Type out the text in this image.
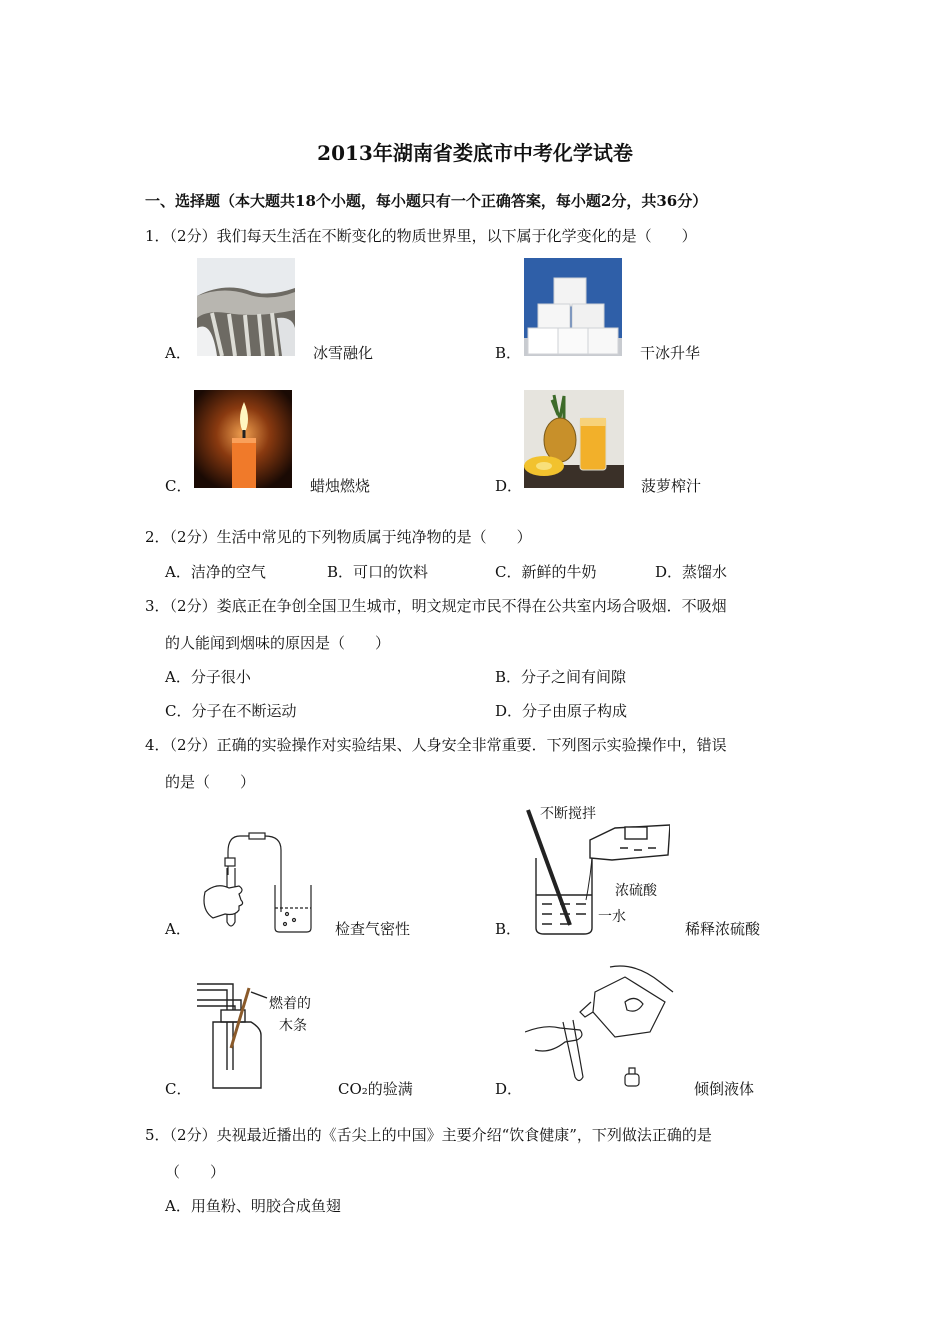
2013年湖南省娄底市中考化学试卷
一、选择题（本大题共18个小题，每小题只有一个正确答案，每小题2分，共36分）
1．（2分）我们每天生活在不断变化的物质世界里，以下属于化学变化的是（　　）
A．	冰雪融化	B．	干冰升华
C．	蜡烛燃烧	D．	菠萝榨汁
2．（2分）生活中常见的下列物质属于纯净物的是（　　）
A．洁净的空气	B．可口的饮料	C．新鲜的牛奶	D．蒸馏水
3．（2分）娄底正在争创全国卫生城市，明文规定市民不得在公共室内场合吸烟．不吸烟
的人能闻到烟味的原因是（　　）
A．分子很小	B．分子之间有间隙
C．分子在不断运动	D．分子由原子构成
4．（2分）正确的实验操作对实验结果、人身安全非常重要．下列图示实验操作中，错误
的是（　　）
A．	检查气密性
不断搅拌
浓硫酸
一水
B．	稀释浓硫酸
燃着的
木条
C．	CO₂的验满	D．	倾倒液体
5．（2分）央视最近播出的《舌尖上的中国》主要介绍“饮食健康”，下列做法正确的是
（　　）
A．用鱼粉、明胶合成鱼翅
